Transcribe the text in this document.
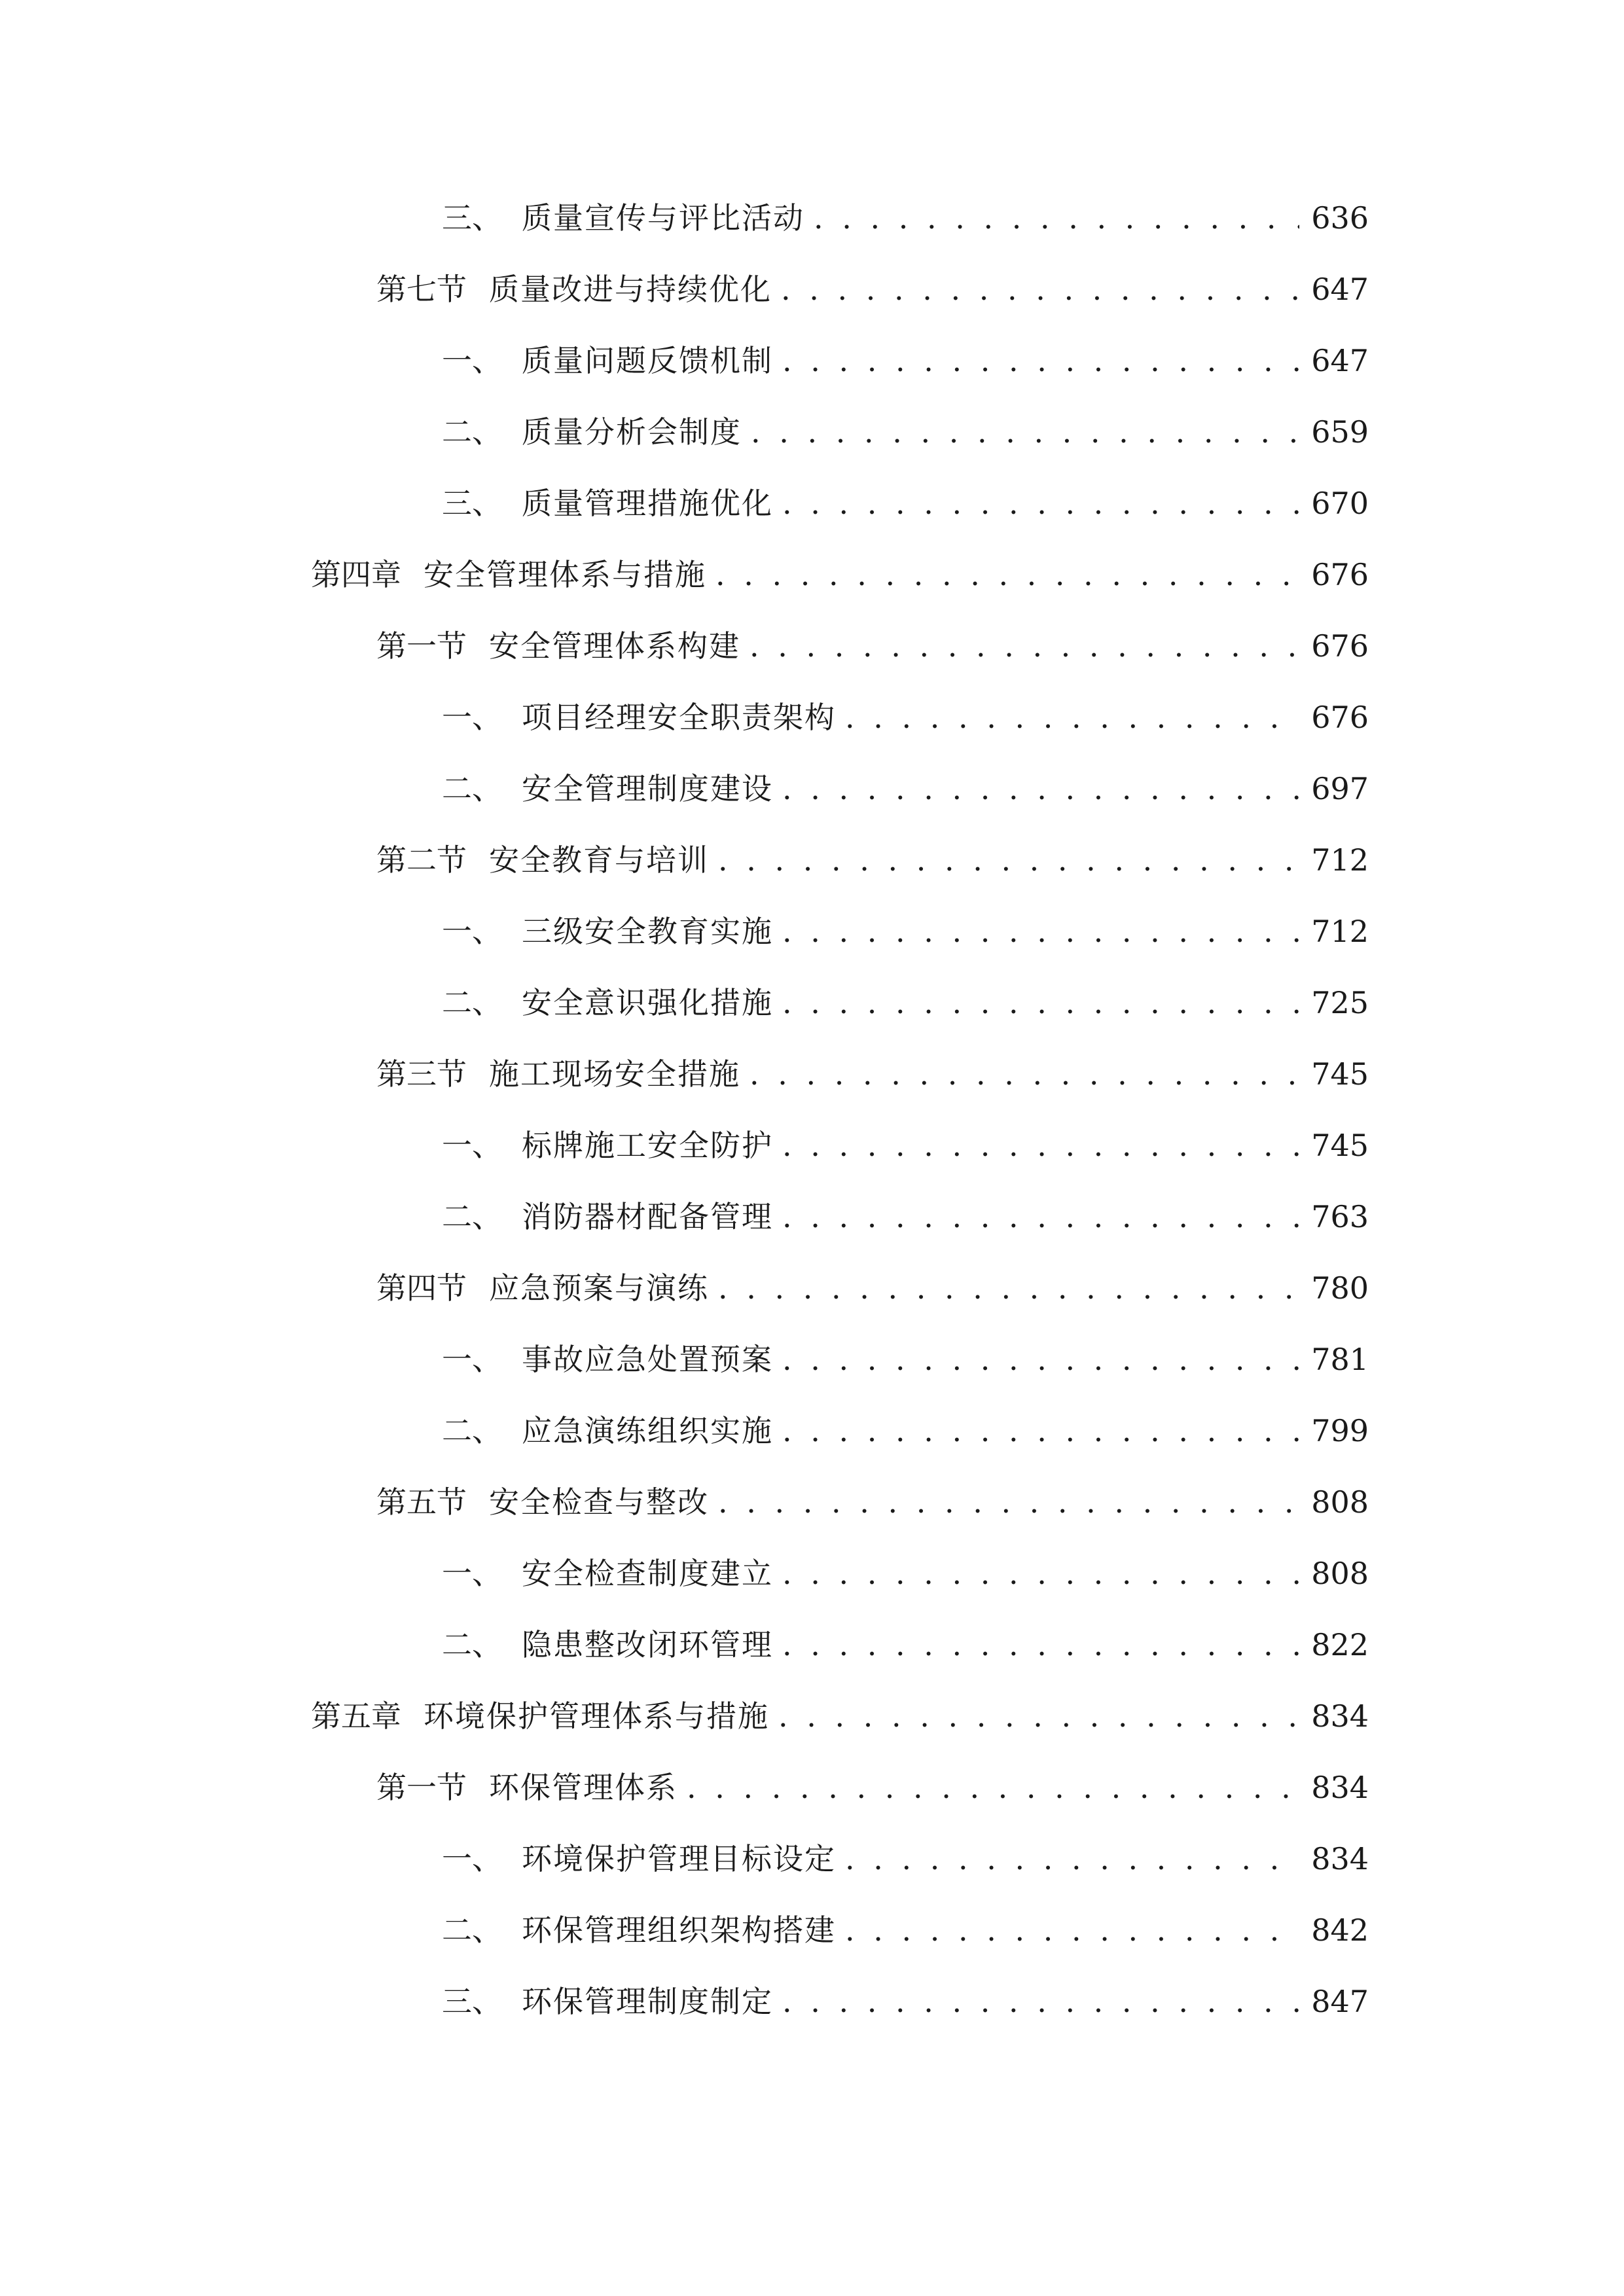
三、 质量宣传与评比活动 . . .	636
第七节 质量改进与持续优化 . . .	647
一、 质量问题反馈机制 . . .	647
二、 质量分析会制度 . . .	659
三、 质量管理措施优化 . . .	670
第四章 安全管理体系与措施 . . .	676
第一节 安全管理体系构建 . . .	676
一、 项目经理安全职责架构 . . .	676
二、 安全管理制度建设 . . .	697
第二节 安全教育与培训 . . .	712
一、 三级安全教育实施 . . .	712
二、 安全意识强化措施 . . .	725
第三节 施工现场安全措施 . . .	745
一、 标牌施工安全防护 . . .	745
二、 消防器材配备管理 . . .	763
第四节 应急预案与演练 . . .	780
一、 事故应急处置预案 . . .	781
二、 应急演练组织实施 . . .	799
第五节 安全检查与整改 . . .	808
一、 安全检查制度建立 . . .	808
二、 隐患整改闭环管理 . . .	822
第五章 环境保护管理体系与措施 . . .	834
第一节 环保管理体系 . . .	834
一、 环境保护管理目标设定 . . .	834
二、 环保管理组织架构搭建 . . .	842
三、 环保管理制度制定 . . .	847
